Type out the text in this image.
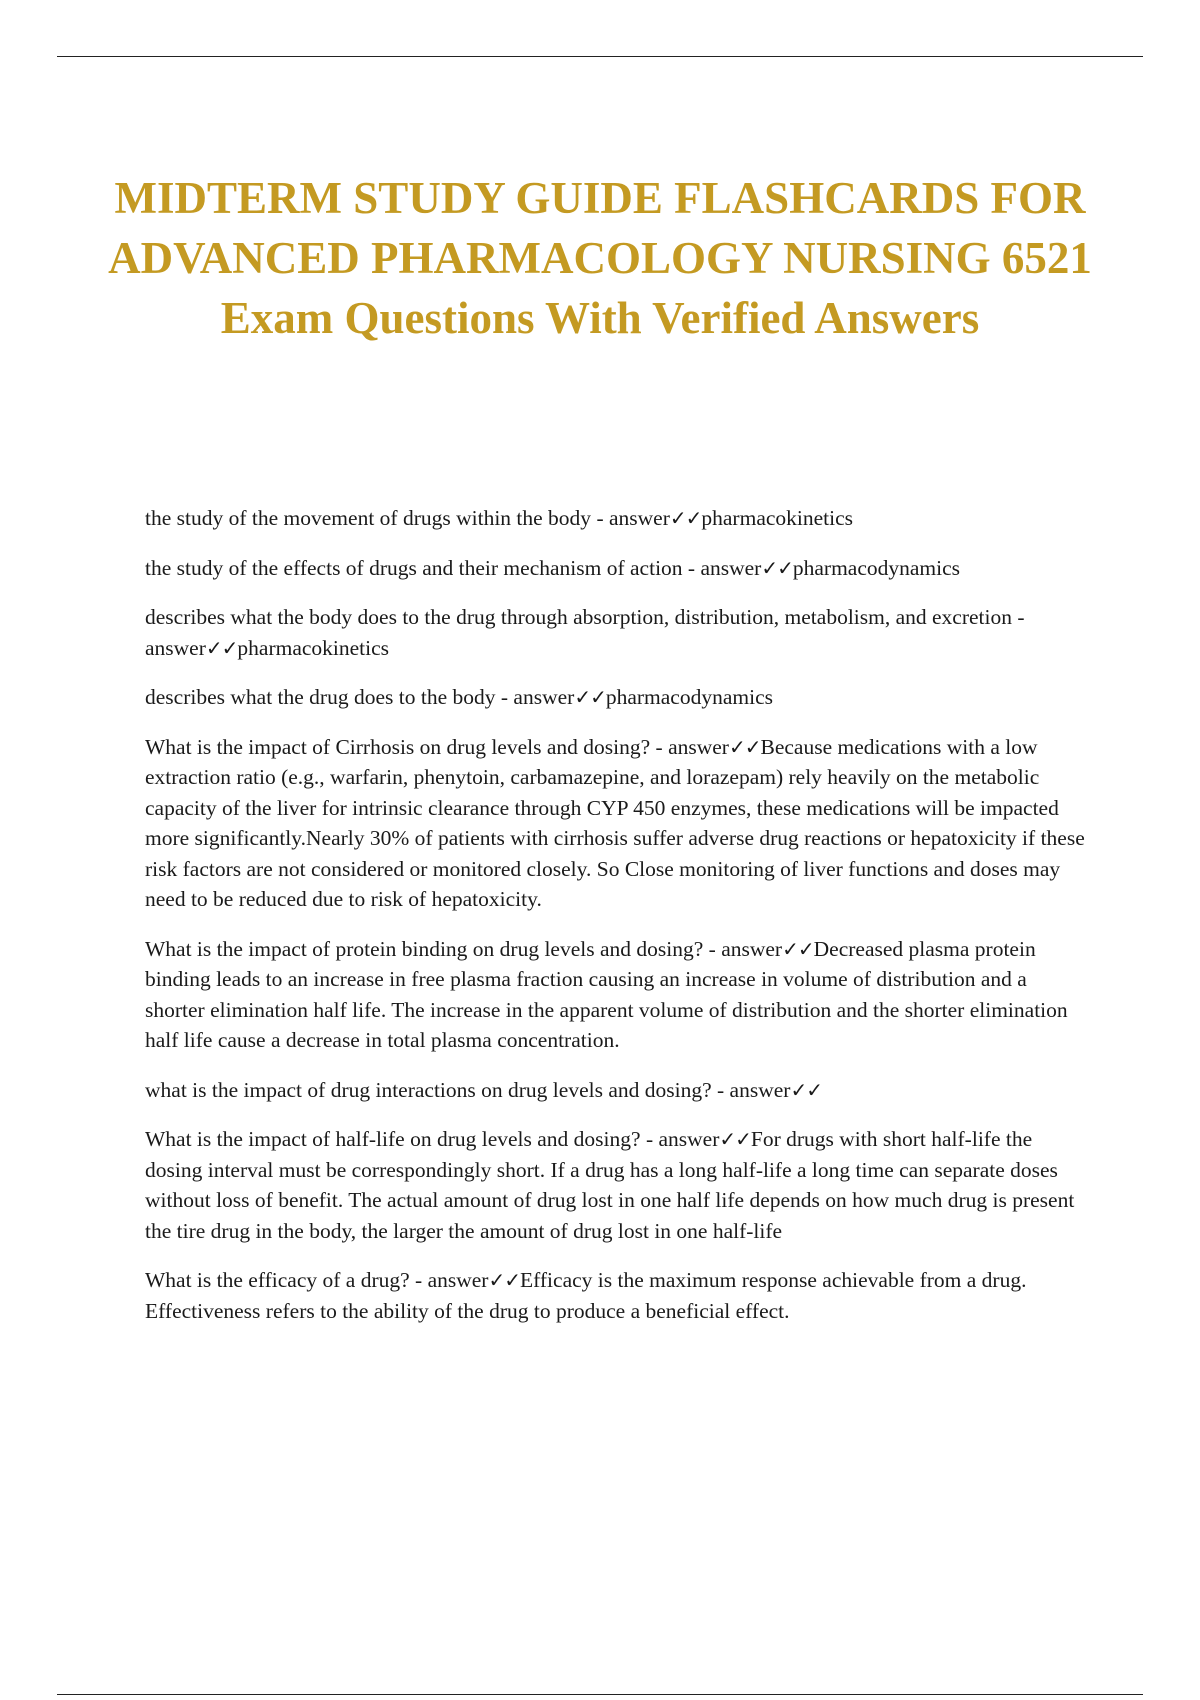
MIDTERM STUDY GUIDE FLASHCARDS FOR ADVANCED PHARMACOLOGY NURSING 6521 Exam Questions With Verified Answers

the study of the movement of drugs within the body - answer✓✓pharmacokinetics

the study of the effects of drugs and their mechanism of action - answer✓✓pharmacodynamics

describes what the body does to the drug through absorption, distribution, metabolism, and excretion - answer✓✓pharmacokinetics

describes what the drug does to the body - answer✓✓pharmacodynamics

What is the impact of Cirrhosis on drug levels and dosing? - answer✓✓Because medications with a low extraction ratio (e.g., warfarin, phenytoin, carbamazepine, and lorazepam) rely heavily on the metabolic capacity of the liver for intrinsic clearance through CYP 450 enzymes, these medications will be impacted more significantly.Nearly 30% of patients with cirrhosis suffer adverse drug reactions or hepatoxicity if these risk factors are not considered or monitored closely. So Close monitoring of liver functions and doses may need to be reduced due to risk of hepatoxicity.

What is the impact of protein binding on drug levels and dosing? - answer✓✓Decreased plasma protein binding leads to an increase in free plasma fraction causing an increase in volume of distribution and a shorter elimination half life. The increase in the apparent volume of distribution and the shorter elimination half life cause a decrease in total plasma concentration.

what is the impact of drug interactions on drug levels and dosing? - answer✓✓

What is the impact of half-life on drug levels and dosing? - answer✓✓For drugs with short half-life the dosing interval must be correspondingly short. If a drug has a long half-life a long time can separate doses without loss of benefit. The actual amount of drug lost in one half life depends on how much drug is present the tire drug in the body, the larger the amount of drug lost in one half-life

What is the efficacy of a drug? - answer✓✓Efficacy is the maximum response achievable from a drug. Effectiveness refers to the ability of the drug to produce a beneficial effect.
